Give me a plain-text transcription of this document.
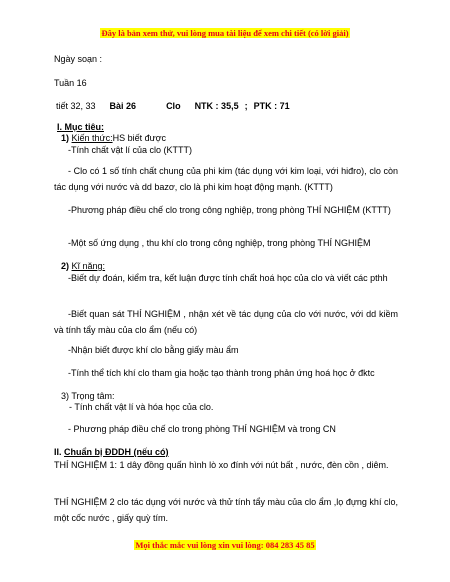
Đây là bản xem thử, vui lòng mua tài liệu để xem chi tiết (có lời giải)
Ngày soạn :
Tuần 16
tiết 32, 33 Bài 26	Clo NTK : 35,5 ; PTK : 71
I. Mục tiêu:
1) Kiến thức:HS biết được
-Tính chất vật lí của clo (KTTT)
- Clo có 1 số tính chất chung của phi kim (tác dụng với kim loại, với hiđro), clo còn tác dụng với nước và dd bazơ, clo là phi kim hoạt động mạnh. (KTTT)
-Phương pháp điều chế clo trong công nghiệp, trong phòng THÍ NGHIỆM (KTTT)
-Một số ứng dụng , thu khí clo trong công nghiệp, trong phòng THÍ NGHIỆM
2) Kĩ năng:
-Biết dự đoán, kiểm tra, kết luận được tính chất hoá học của clo và viết các pthh
-Biết quan sát THÍ NGHIỆM , nhận xét về tác dụng của clo với nước, với dd kiềm và tính tẩy màu của clo ẩm (nếu có)
-Nhận biết được khí clo bằng giấy màu ẩm
-Tính thể tích khí clo tham gia hoặc tạo thành trong phản ứng hoá học ở đktc
3) Trọng tâm:
- Tính chất vật lí và hóa học của clo.
- Phương pháp điều chế clo trong phòng THÍ NGHIỆM và trong CN
II. Chuẩn bị ĐDDH (nếu có)
THÍ NGHIỆM 1: 1 dây đồng quấn hình lò xo đính với nút bất , nước, đèn cồn , diêm.
THÍ NGHIỆM 2 clo tác dụng với nước và thử tính tẩy màu của clo ẩm ,lọ đựng khí clo, một cốc nước , giấy quỳ tím.
Mọi thắc mắc vui lòng xin vui lòng: 084 283 45 85
